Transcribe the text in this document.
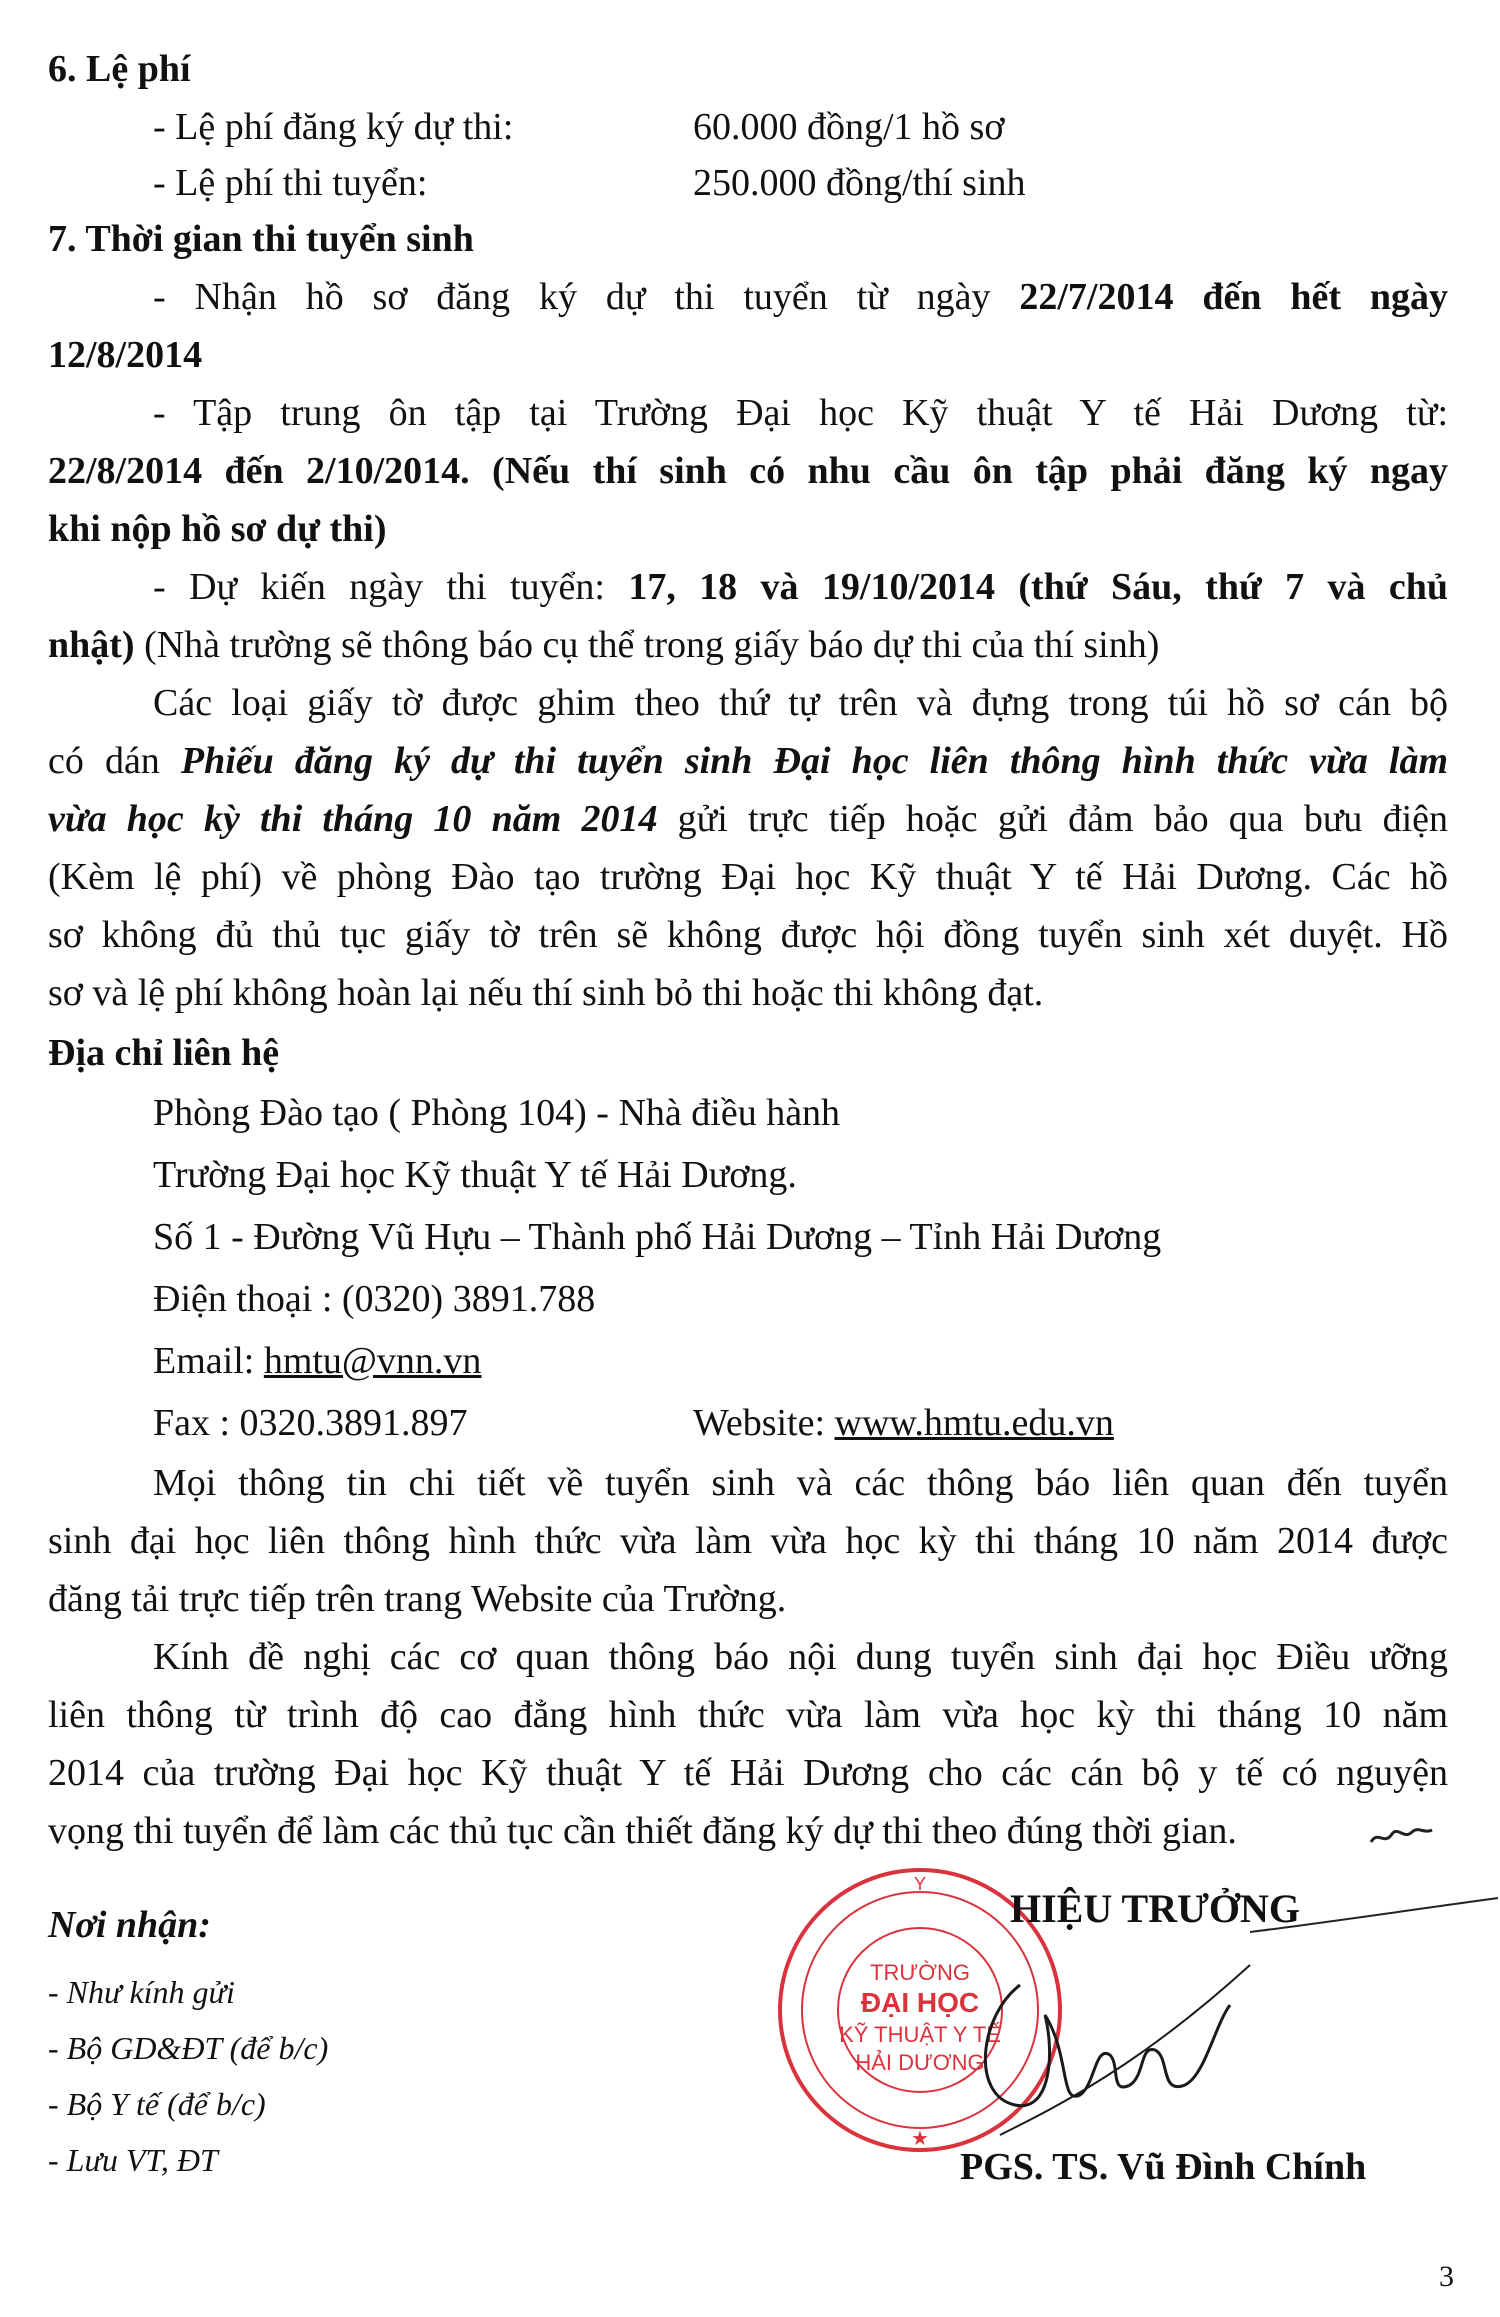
6. Lệ phí
- Lệ phí đăng ký dự thi:	60.000 đồng/1 hồ sơ
- Lệ phí thi tuyển:	250.000 đồng/thí sinh
7. Thời gian thi tuyển sinh
- Nhận hồ sơ đăng ký dự thi tuyển từ ngày 22/7/2014 đến hết ngày
12/8/2014
- Tập trung ôn tập tại Trường Đại học Kỹ thuật Y tế Hải Dương từ:
22/8/2014 đến 2/10/2014. (Nếu thí sinh có nhu cầu ôn tập phải đăng ký ngay
khi nộp hồ sơ dự thi)
- Dự kiến ngày thi tuyển: 17, 18 và 19/10/2014 (thứ Sáu, thứ 7 và chủ
nhật) (Nhà trường sẽ thông báo cụ thể trong giấy báo dự thi của thí sinh)
Các loại giấy tờ được ghim theo thứ tự trên và đựng trong túi hồ sơ cán bộ
có dán Phiếu đăng ký dự thi tuyển sinh Đại học liên thông hình thức vừa làm
vừa học kỳ thi tháng 10 năm 2014 gửi trực tiếp hoặc gửi đảm bảo qua bưu điện
(Kèm lệ phí) về phòng Đào tạo trường Đại học Kỹ thuật Y tế Hải Dương. Các hồ
sơ không đủ thủ tục giấy tờ trên sẽ không được hội đồng tuyển sinh xét duyệt. Hồ
sơ và lệ phí không hoàn lại nếu thí sinh bỏ thi hoặc thi không đạt.
Địa chỉ liên hệ
Phòng Đào tạo ( Phòng 104) - Nhà điều hành
Trường Đại học Kỹ thuật Y tế Hải Dương.
Số 1 - Đường Vũ Hựu – Thành phố Hải Dương – Tỉnh Hải Dương
Điện thoại : (0320) 3891.788
Email: hmtu@vnn.vn
Fax : 0320.3891.897	Website: www.hmtu.edu.vn
Mọi thông tin chi tiết về tuyển sinh và các thông báo liên quan đến tuyển
sinh đại học liên thông hình thức vừa làm vừa học kỳ thi tháng 10 năm 2014 được
đăng tải trực tiếp trên trang Website của Trường.
Kính đề nghị các cơ quan thông báo nội dung tuyển sinh đại học Điều ưỡng
liên thông từ trình độ cao đẳng hình thức vừa làm vừa học kỳ thi tháng 10 năm
2014 của trường Đại học Kỹ thuật Y tế Hải Dương cho các cán bộ y tế có nguyện
vọng thi tuyển để làm các thủ tục cần thiết đăng ký dự thi theo đúng thời gian.
Nơi nhận:
- Như kính gửi
- Bộ GD&ĐT (để b/c)
- Bộ Y tế (để b/c)
- Lưu VT, ĐT
TRƯỜNG
ĐẠI HỌC
KỸ THUẬT Y TẾ
HẢI DƯƠNG
Y
★
HIỆU TRƯỞNG
PGS. TS. Vũ Đình Chính
3
